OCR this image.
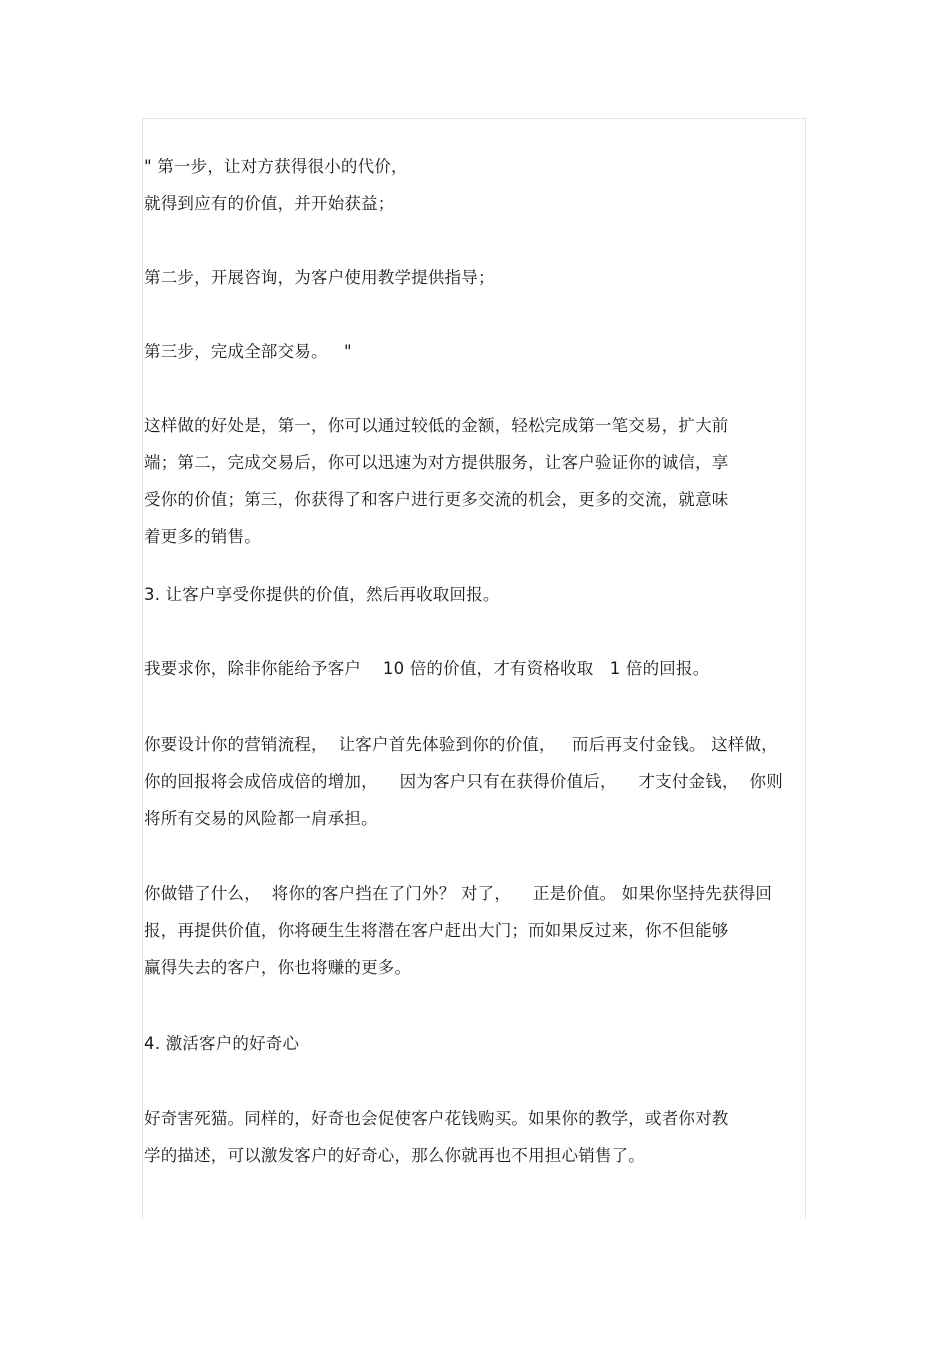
" 第一步，让对方获得很小的代价，
就得到应有的价值，并开始获益；
第二步，开展咨询，为客户使用教学提供指导；
第三步，完成全部交易。   "
这样做的好处是，第一，你可以通过较低的金额，轻松完成第一笔交易，扩大前
端；第二，完成交易后，你可以迅速为对方提供服务，让客户验证你的诚信，享
受你的价值；第三，你获得了和客户进行更多交流的机会，更多的交流，就意味
着更多的销售。
3. 让客户享受你提供的价值，然后再收取回报。
我要求你，除非你能给予客户    10 倍的价值，才有资格收取   1 倍的回报。
你要设计你的营销流程，  让客户首先体验到你的价值，   而后再支付金钱。 这样做，
你的回报将会成倍成倍的增加，    因为客户只有在获得价值后，    才支付金钱，  你则
将所有交易的风险都一肩承担。
你做错了什么，  将你的客户挡在了门外？ 对了，    正是价值。 如果你坚持先获得回
报，再提供价值，你将硬生生将潜在客户赶出大门；而如果反过来，你不但能够
赢得失去的客户，你也将赚的更多。
4. 激活客户的好奇心
好奇害死猫。同样的，好奇也会促使客户花钱购买。如果你的教学，或者你对教
学的描述，可以激发客户的好奇心，那么你就再也不用担心销售了。
